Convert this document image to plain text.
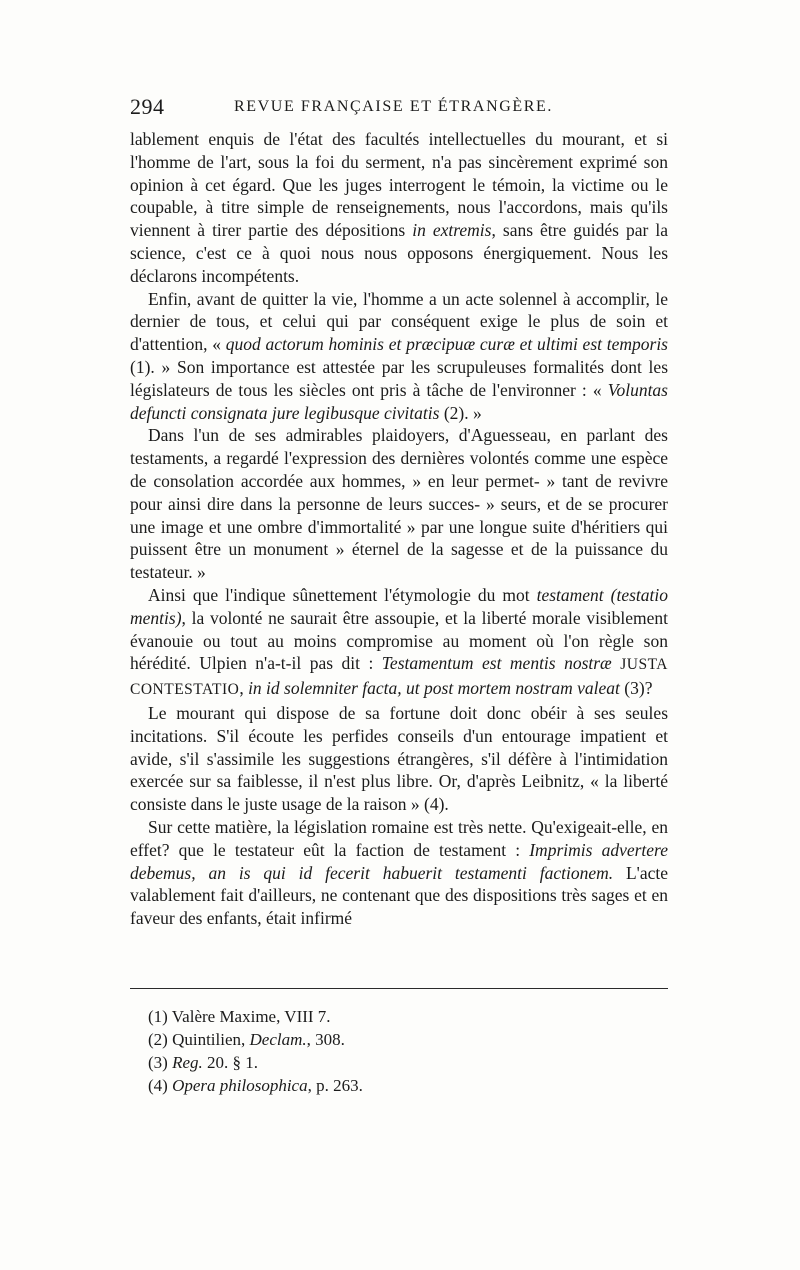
294	REVUE FRANÇAISE ET ÉTRANGÈRE.

lablement enquis de l'état des facultés intellectuelles du mourant, et si l'homme de l'art, sous la foi du serment, n'a pas sincèrement exprimé son opinion à cet égard. Que les juges interrogent le témoin, la victime ou le coupable, à titre simple de renseignements, nous l'accordons, mais qu'ils viennent à tirer partie des dépositions in extremis, sans être guidés par la science, c'est ce à quoi nous nous opposons énergiquement. Nous les déclarons incompétents.

Enfin, avant de quitter la vie, l'homme a un acte solennel à accomplir, le dernier de tous, et celui qui par conséquent exige le plus de soin et d'attention, « quod actorum hominis et præcipuæ curæ et ultimi est temporis (1). » Son importance est attestée par les scrupuleuses formalités dont les législateurs de tous les siècles ont pris à tâche de l'environner : « Voluntas defuncti consignata jure legibusque civitatis (2). »

Dans l'un de ses admirables plaidoyers, d'Aguesseau, en parlant des testaments, a regardé l'expression des dernières volontés comme une espèce de consolation accordée aux hommes, » en leur permet- » tant de revivre pour ainsi dire dans la personne de leurs succes- » seurs, et de se procurer une image et une ombre d'immortalité » par une longue suite d'héritiers qui puissent être un monument » éternel de la sagesse et de la puissance du testateur. »

Ainsi que l'indique sûnettement l'étymologie du mot testament (testatio mentis), la volonté ne saurait être assoupie, et la liberté morale visiblement évanouie ou tout au moins compromise au moment où l'on règle son hérédité. Ulpien n'a-t-il pas dit : Testamentum est mentis nostræ JUSTA CONTESTATIO, in id solemniter facta, ut post mortem nostram valeat (3)?

Le mourant qui dispose de sa fortune doit donc obéir à ses seules incitations. S'il écoute les perfides conseils d'un entourage impatient et avide, s'il s'assimile les suggestions étrangères, s'il défère à l'intimidation exercée sur sa faiblesse, il n'est plus libre. Or, d'après Leibnitz, « la liberté consiste dans le juste usage de la raison » (4).

Sur cette matière, la législation romaine est très nette. Qu'exigeait-elle, en effet? que le testateur eût la faction de testament : Imprimis advertere debemus, an is qui id fecerit habuerit testamenti factionem. L'acte valablement fait d'ailleurs, ne contenant que des dispositions très sages et en faveur des enfants, était infirmé

(1) Valère Maxime, VIII 7.
(2) Quintilien, Declam., 308.
(3) Reg. 20. § 1.
(4) Opera philosophica, p. 263.
